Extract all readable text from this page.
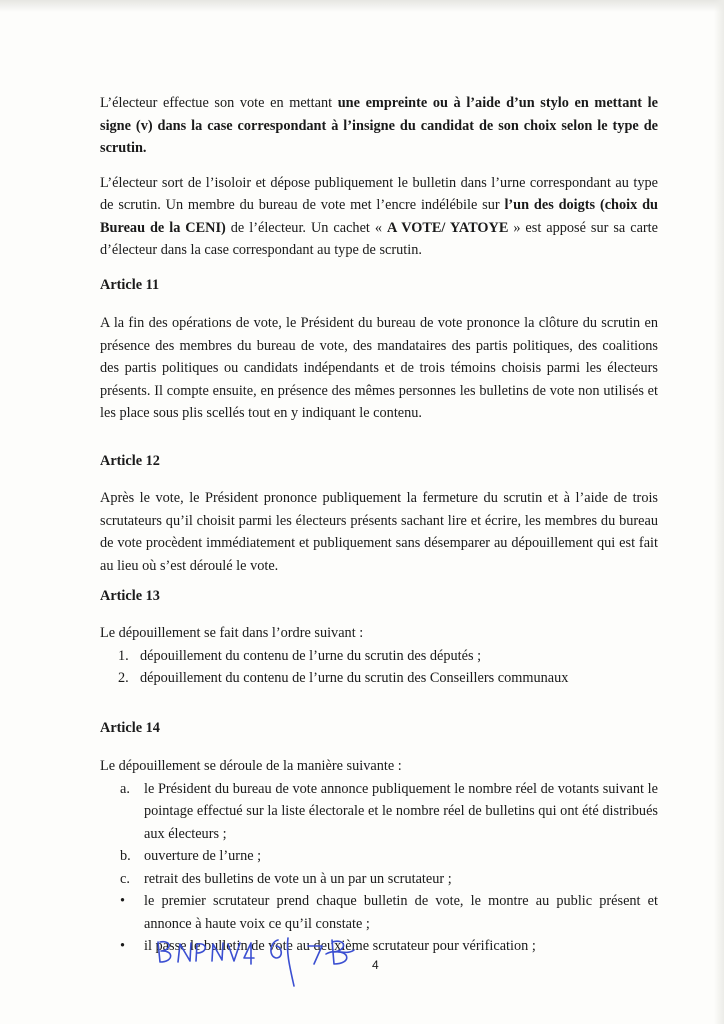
L’électeur effectue son vote en mettant une empreinte ou à l’aide d’un stylo en mettant le signe (v) dans la case correspondant à l’insigne du candidat de son choix selon le type de scrutin.

L’électeur sort de l’isoloir et dépose publiquement le bulletin dans l’urne correspondant au type de scrutin. Un membre du bureau de vote met l’encre indélébile sur l’un des doigts (choix du Bureau de la CENI) de l’électeur. Un cachet « A VOTE/ YATOYE » est apposé sur sa carte d’électeur dans la case correspondant au type de scrutin.

Article 11
A la fin des opérations de vote, le Président du bureau de vote prononce la clôture du scrutin en présence des membres du bureau de vote, des mandataires des partis politiques, des coalitions des partis politiques ou candidats indépendants et de trois témoins choisis parmi les électeurs présents. Il compte ensuite, en présence des mêmes personnes les bulletins de vote non utilisés et les place sous plis scellés tout en y indiquant le contenu.
Article 12
Après le vote, le Président prononce publiquement la fermeture du scrutin et à l’aide de trois scrutateurs qu’il choisit parmi les électeurs présents sachant lire et écrire, les membres du bureau de vote procèdent immédiatement et publiquement sans désemparer au dépouillement qui est fait au lieu où s’est déroulé le vote.
Article 13
Le dépouillement se fait dans l’ordre suivant :
1. dépouillement du contenu de l’urne du scrutin des députés ;
2. dépouillement du contenu de l’urne du scrutin des Conseillers communaux
Article 14
Le dépouillement se déroule de la manière suivante :
a. le Président du bureau de vote annonce publiquement le nombre réel de votants suivant le pointage effectué sur la liste électorale et le nombre réel de bulletins qui ont été distribués aux électeurs ;
b. ouverture de l’urne ;
c. retrait des bulletins de vote un à un par un scrutateur ;
• le premier scrutateur prend chaque bulletin de vote, le montre au public présent et annonce à haute voix ce qu’il constate ;
• il passe le bulletin de vote au deuxième scrutateur pour vérification ;
4
